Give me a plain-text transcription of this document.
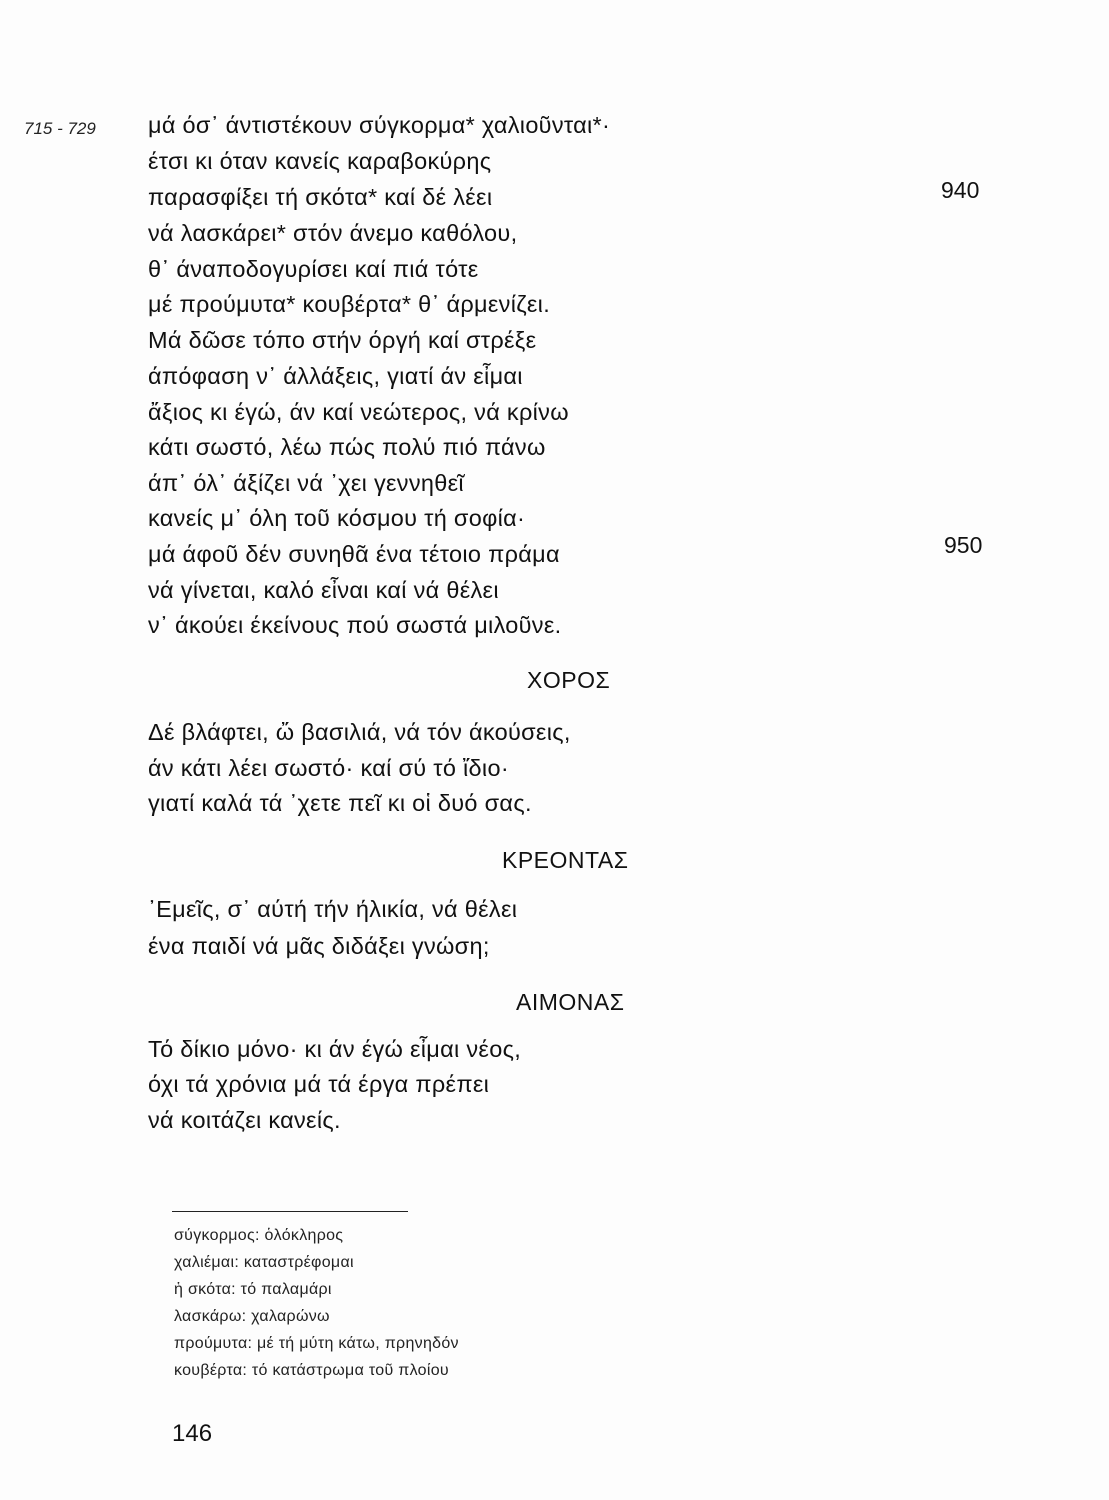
715 - 729 μά όσ᾽ άντιστέκουν σύγκορμα* χαλιοῦνται*·
έτσι κι όταν κανείς καραβοκύρης
παρασφίξει τή σκότα* καί δέ λέει
νά λασκάρει* στόν άνεμο καθόλου,
θ᾽ άναποδογυρίσει καί πιά τότε
μέ προύμυτα* κουβέρτα* θ᾽ άρμενίζει.
Μά δῶσε τόπο στήν όργή καί στρέξε
άπόφαση ν᾽ άλλάξεις, γιατί άν εἶμαι
ἄξιος κι έγώ, άν καί νεώτερος, νά κρίνω
κάτι σωστό, λέω πώς πολύ πιό πάνω
άπ᾽ όλ᾽ άξίζει νά ᾽χει γεννηθεῖ
κανείς μ᾽ όλη τοῦ κόσμου τή σοφία·
μά άφοῦ δέν συνηθᾶ ένα τέτοιο πράμα
νά γίνεται, καλό εἶναι καί νά θέλει
ν᾽ άκούει έκείνους πού σωστά μιλοῦνε.
940
950
ΧΟΡΟΣ
Δέ βλάφτει, ὤ βασιλιά, νά τόν άκούσεις,
άν κάτι λέει σωστό· καί σύ τό ἴδιο·
γιατί καλά τά ᾽χετε πεῖ κι οἱ δυό σας.
ΚΡΕΟΝΤΑΣ
᾽Εμεῖς, σ᾽ αύτή τήν ήλικία, νά θέλει
ένα παιδί νά μᾶς διδάξει γνώση;
ΑΙΜΟΝΑΣ
Τό δίκιο μόνο· κι άν έγώ εἶμαι νέος,
όχι τά χρόνια μά τά έργα πρέπει
νά κοιτάζει κανείς.
σύγκορμος: ὁλόκληρος
χαλιέμαι: καταστρέφομαι
ἡ σκότα: τό παλαμάρι
λασκάρω: χαλαρώνω
προύμυτα: μέ τή μύτη κάτω, πρηνηδόν
κουβέρτα: τό κατάστρωμα τοῦ πλοίου
146
